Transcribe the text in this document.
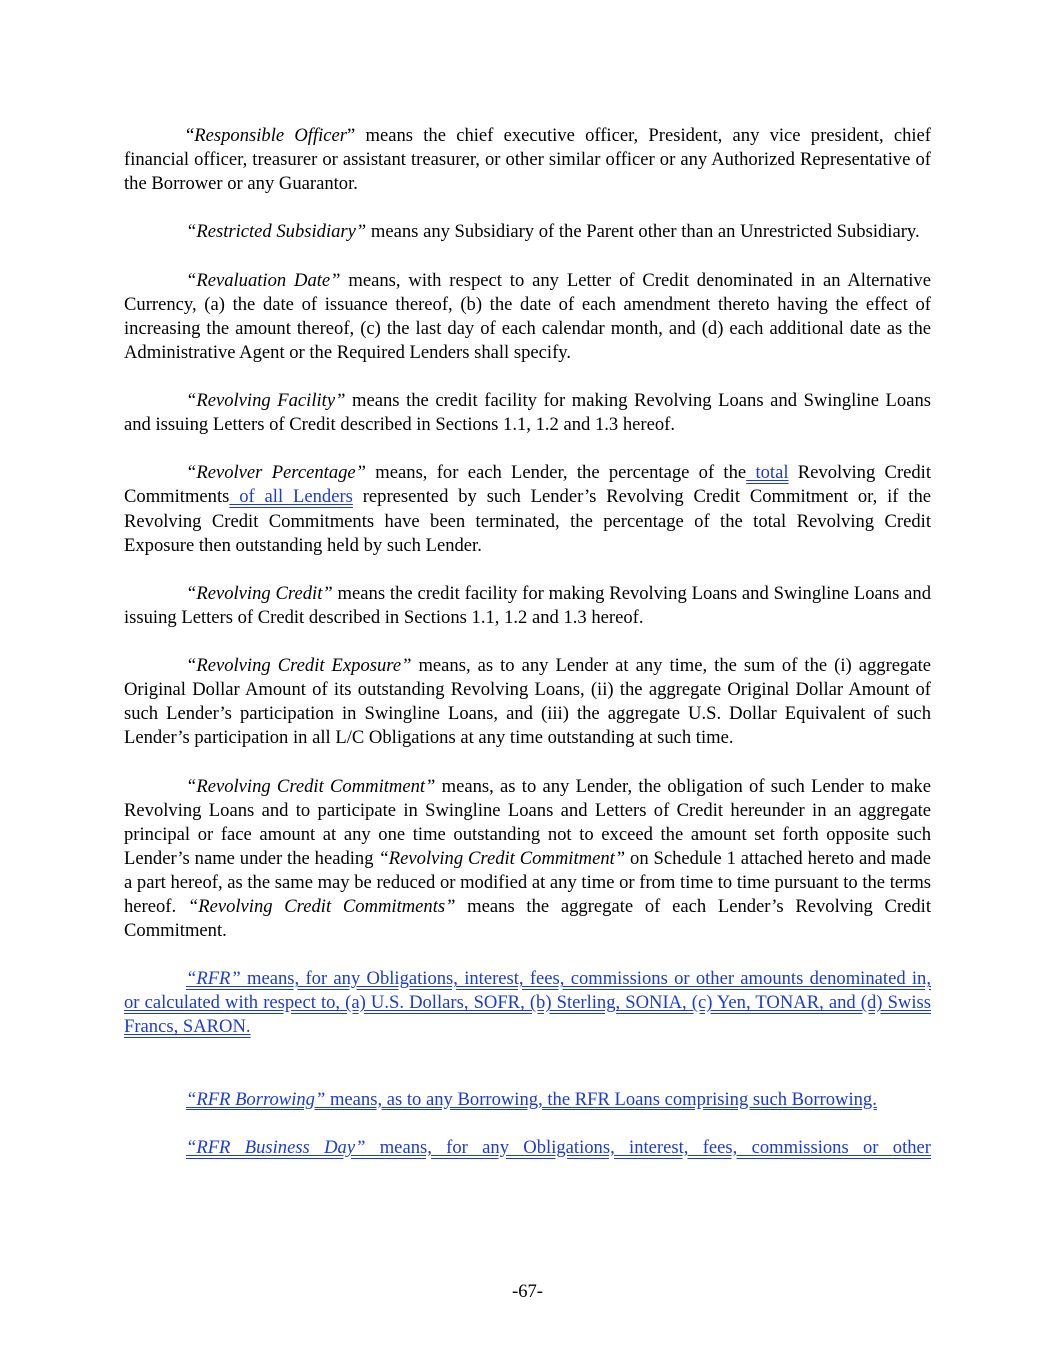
“Responsible Officer” means the chief executive officer, President, any vice president, chief financial officer, treasurer or assistant treasurer, or other similar officer or any Authorized Representative of the Borrower or any Guarantor.

“Restricted Subsidiary” means any Subsidiary of the Parent other than an Unrestricted Subsidiary.

“Revaluation Date” means, with respect to any Letter of Credit denominated in an Alternative Currency, (a) the date of issuance thereof, (b) the date of each amendment thereto having the effect of increasing the amount thereof, (c) the last day of each calendar month, and (d) each additional date as the Administrative Agent or the Required Lenders shall specify.

“Revolving Facility” means the credit facility for making Revolving Loans and Swingline Loans and issuing Letters of Credit described in Sections 1.1, 1.2 and 1.3 hereof.

“Revolver Percentage” means, for each Lender, the percentage of the total Revolving Credit Commitments of all Lenders represented by such Lender’s Revolving Credit Commitment or, if the Revolving Credit Commitments have been terminated, the percentage of the total Revolving Credit Exposure then outstanding held by such Lender.

“Revolving Credit” means the credit facility for making Revolving Loans and Swingline Loans and issuing Letters of Credit described in Sections 1.1, 1.2 and 1.3 hereof.

“Revolving Credit Exposure” means, as to any Lender at any time, the sum of the (i) aggregate Original Dollar Amount of its outstanding Revolving Loans, (ii) the aggregate Original Dollar Amount of such Lender’s participation in Swingline Loans, and (iii) the aggregate U.S. Dollar Equivalent of such Lender’s participation in all L/C Obligations at any time outstanding at such time.

“Revolving Credit Commitment” means, as to any Lender, the obligation of such Lender to make Revolving Loans and to participate in Swingline Loans and Letters of Credit hereunder in an aggregate principal or face amount at any one time outstanding not to exceed the amount set forth opposite such Lender’s name under the heading “Revolving Credit Commitment” on Schedule 1 attached hereto and made a part hereof, as the same may be reduced or modified at any time or from time to time pursuant to the terms hereof. “Revolving Credit Commitments” means the aggregate of each Lender’s Revolving Credit Commitment.

“RFR” means, for any Obligations, interest, fees, commissions or other amounts denominated in, or calculated with respect to, (a) U.S. Dollars, SOFR, (b) Sterling, SONIA, (c) Yen, TONAR, and (d) Swiss Francs, SARON.

“RFR Borrowing” means, as to any Borrowing, the RFR Loans comprising such Borrowing.

“RFR Business Day” means, for any Obligations, interest, fees, commissions or other

-67-
